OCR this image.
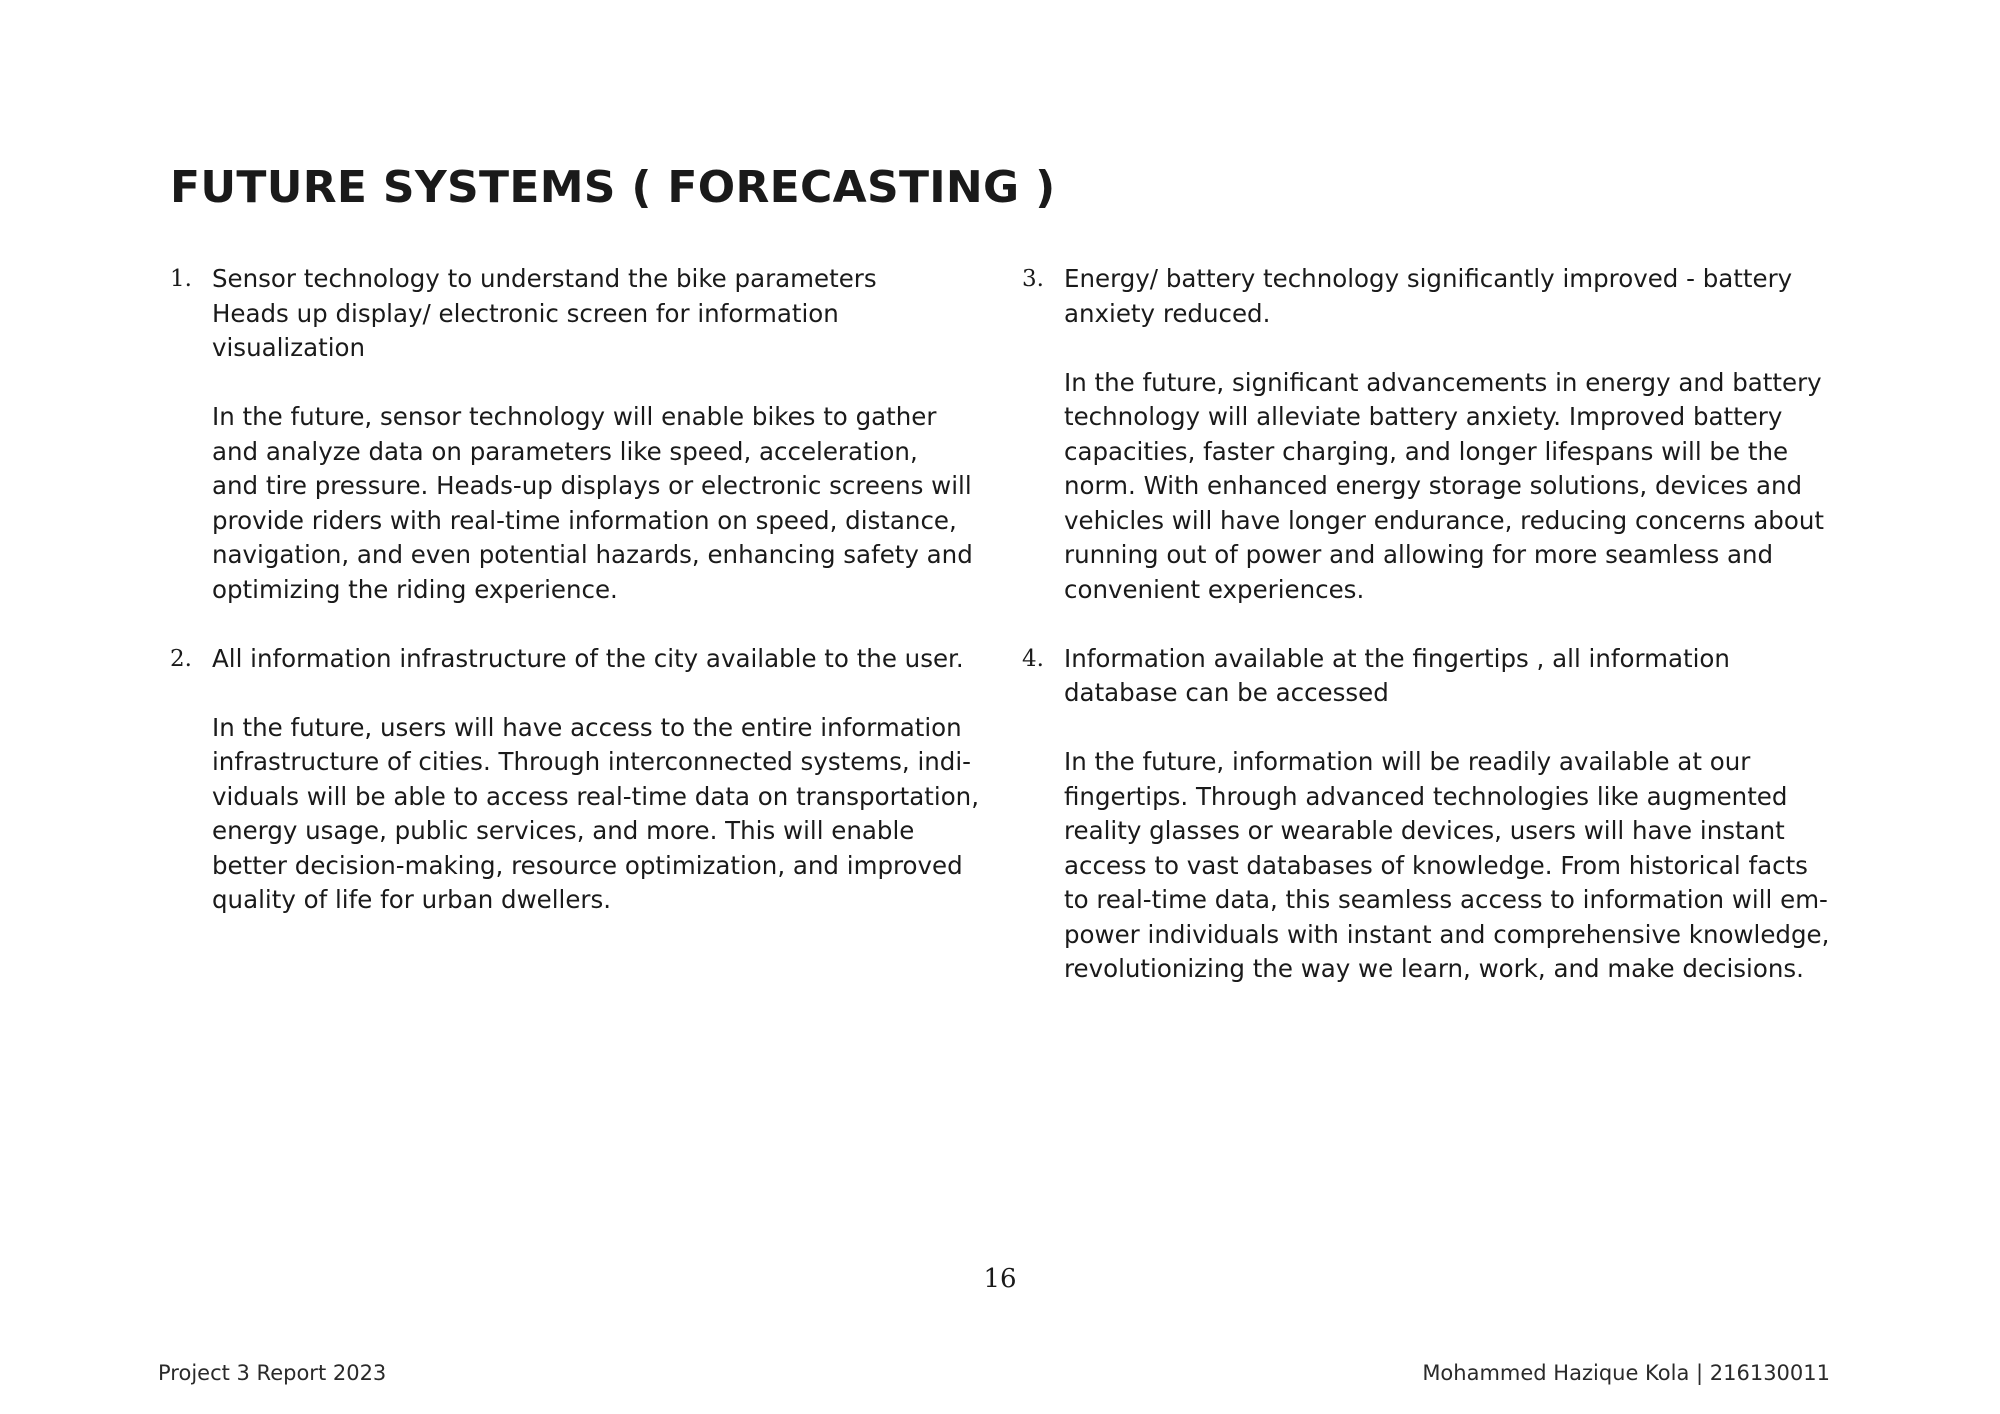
FUTURE SYSTEMS ( FORECASTING )
1. Sensor technology to understand the bike parameters
Heads up display/ electronic screen for information
visualization

In the future, sensor technology will enable bikes to gather
and analyze data on parameters like speed, acceleration,
and tire pressure. Heads-up displays or electronic screens will
provide riders with real-time information on speed, distance,
navigation, and even potential hazards, enhancing safety and
optimizing the riding experience.

2. All information infrastructure of the city available to the user.

In the future, users will have access to the entire information
infrastructure of cities. Through interconnected systems, indi-
viduals will be able to access real-time data on transportation,
energy usage, public services, and more. This will enable
better decision-making, resource optimization, and improved
quality of life for urban dwellers.

3. Energy/ battery technology significantly improved - battery
anxiety reduced.

In the future, significant advancements in energy and battery
technology will alleviate battery anxiety. Improved battery
capacities, faster charging, and longer lifespans will be the
norm. With enhanced energy storage solutions, devices and
vehicles will have longer endurance, reducing concerns about
running out of power and allowing for more seamless and
convenient experiences.

4. Information available at the fingertips , all information
database can be accessed

In the future, information will be readily available at our
fingertips. Through advanced technologies like augmented
reality glasses or wearable devices, users will have instant
access to vast databases of knowledge. From historical facts
to real-time data, this seamless access to information will em-
power individuals with instant and comprehensive knowledge,
revolutionizing the way we learn, work, and make decisions.

16
Project 3 Report 2023	Mohammed Hazique Kola | 216130011
